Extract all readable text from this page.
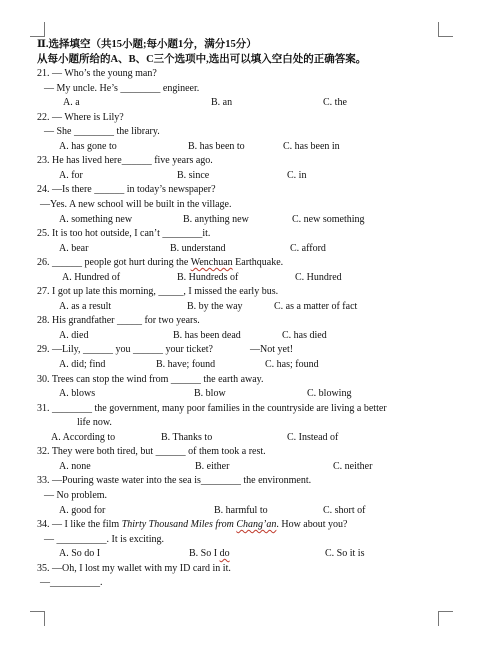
Ⅱ.选择填空（共15小题;每小题1分，满分15分）
从每小题所给的A、B、C三个选项中,选出可以填入空白处的正确答案。
21. — Who’s the young man?
— My uncle. He’s ________ engineer.
A. a	B. an	C. the
22. — Where is Lily?
— She ________ the library.
A. has gone to	B. has been to	C. has been in
23. He has lived here______ five years ago.
A. for	B. since	C. in
24. —Is there ______ in today’s newspaper?
—Yes. A new school will be built in the village.
A. something new	B. anything new	C. new something
25. It is too hot outside, I can’t ________it.
A. bear	B. understand	C. afford
26. ______ people got hurt during the Wenchuan Earthquake.
A. Hundred of	B. Hundreds of	C. Hundred
27. I got up late this morning, _____, I missed the early bus.
A. as a result	B. by the way	C. as a matter of fact
28. His grandfather _____ for two years.
A. died	B. has been dead	C. has died
29. —Lily, ______ you ______ your ticket?	—Not yet!
A. did; find	B. have; found	C. has; found
30. Trees can stop the wind from ______ the earth away.
A. blows	B. blow	C. blowing
31. ________ the government, many poor families in the countryside are living a better
life now.
A. According to	B. Thanks to	C. Instead of
32. They were both tired, but ______ of them took a rest.
A. none	B. either	C. neither
33. —Pouring waste water into the sea is________ the environment.
— No problem.
A. good for	B. harmful to	C. short of
34. — I like the film Thirty Thousand Miles from Chang’an. How about you?
— __________. It is exciting.
A. So do I	B. So I do	C. So it is
35. —Oh, I lost my wallet with my ID card in it.
—__________.
